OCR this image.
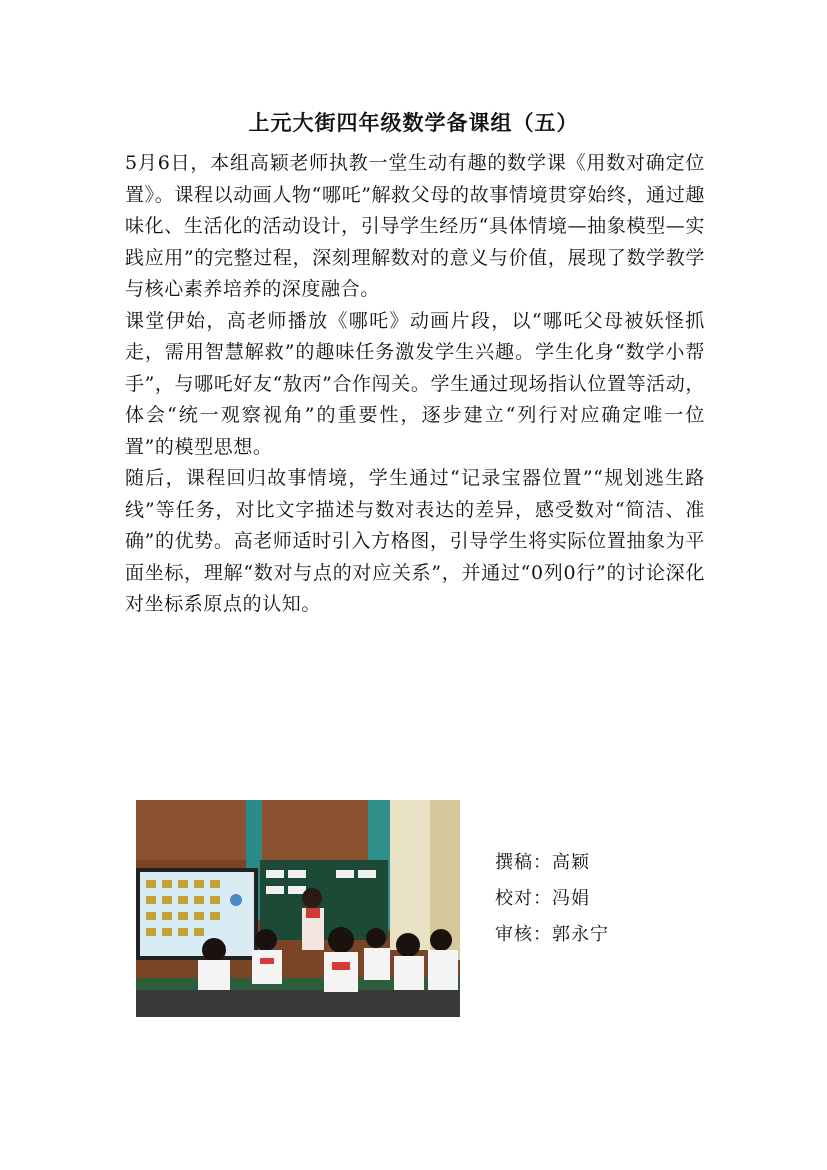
上元大街四年级数学备课组（五）

5月6日，本组高颖老师执教一堂生动有趣的数学课《用数对确定位置》。课程以动画人物“哪吒”解救父母的故事情境贯穿始终，通过趣味化、生活化的活动设计，引导学生经历“具体情境—抽象模型—实践应用”的完整过程，深刻理解数对的意义与价值，展现了数学教学与核心素养培养的深度融合。

课堂伊始，高老师播放《哪吒》动画片段，以“哪吒父母被妖怪抓走，需用智慧解救”的趣味任务激发学生兴趣。学生化身“数学小帮手”，与哪吒好友“敖丙”合作闯关。学生通过现场指认位置等活动，体会“统一观察视角”的重要性，逐步建立“列行对应确定唯一位置”的模型思想。

随后，课程回归故事情境，学生通过“记录宝器位置”“规划逃生路线”等任务，对比文字描述与数对表达的差异，感受数对“简洁、准确”的优势。高老师适时引入方格图，引导学生将实际位置抽象为平面坐标，理解“数对与点的对应关系”，并通过“0列0行”的讨论深化对坐标系原点的认知。

撰稿：高颖
校对：冯娟
审核：郭永宁
